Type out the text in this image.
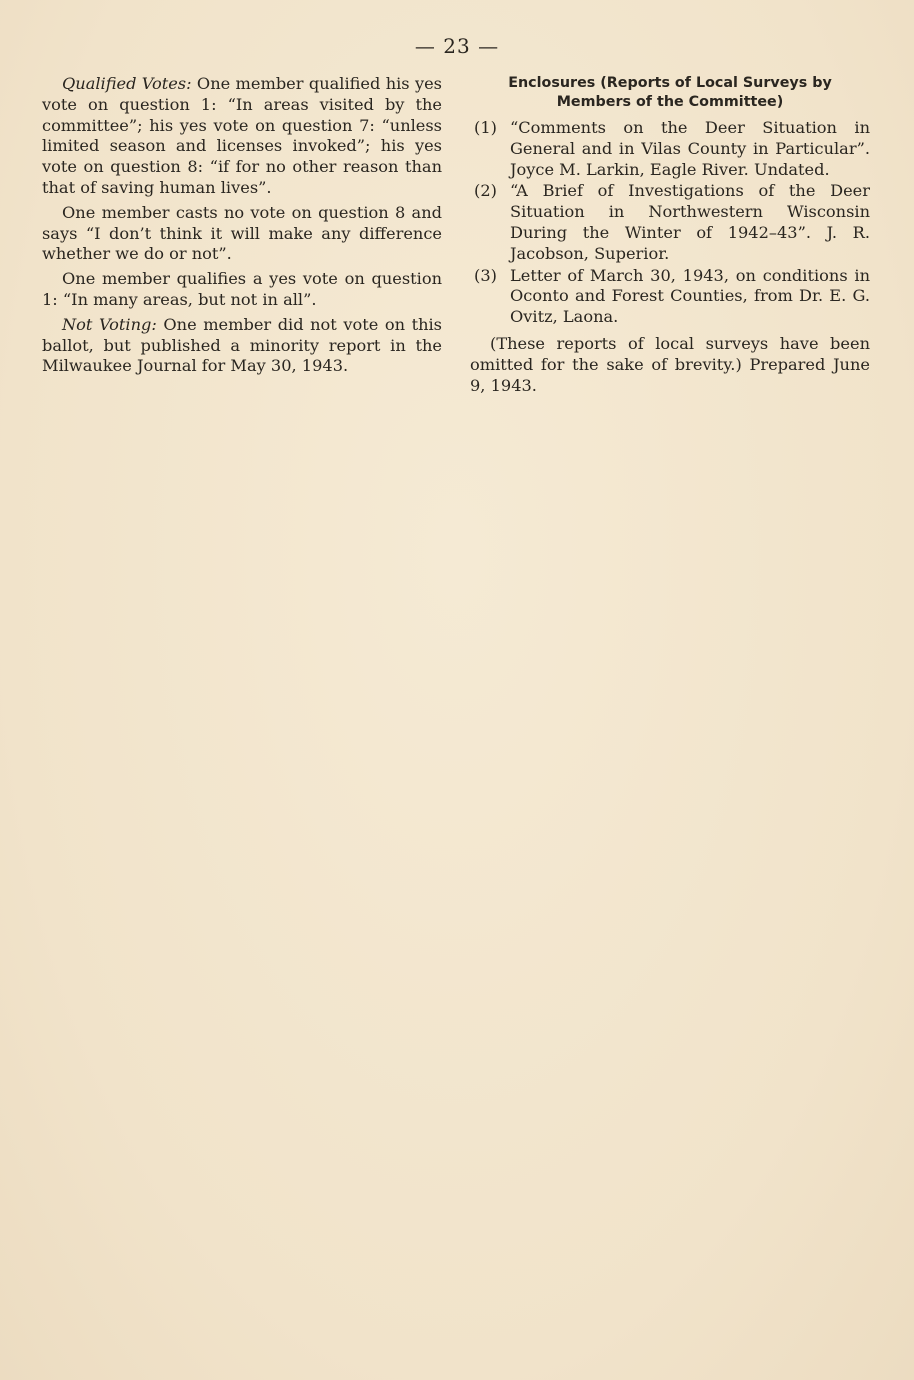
— 23 —

Qualified Votes: One member qualified his yes vote on question 1: “In areas visited by the committee”; his yes vote on question 7: “unless limited season and licenses invoked”; his yes vote on question 8: “if for no other reason than that of saving human lives”.

One member casts no vote on question 8 and says “I don’t think it will make any difference whether we do or not”.

One member qualifies a yes vote on question 1: “In many areas, but not in all”.

Not Voting: One member did not vote on this ballot, but published a minority report in the Milwaukee Journal for May 30, 1943.

Enclosures (Reports of Local Surveys by
Members of the Committee)
(1) “Comments on the Deer Situation in General and in Vilas County in Particular”. Joyce M. Larkin, Eagle River. Undated.
(2) “A Brief of Investigations of the Deer Situation in Northwestern Wisconsin During the Winter of 1942–43”. J. R. Jacobson, Superior.
(3) Letter of March 30, 1943, on conditions in Oconto and Forest Counties, from Dr. E. G. Ovitz, Laona.

(These reports of local surveys have been omitted for the sake of brevity.) Prepared June 9, 1943.
